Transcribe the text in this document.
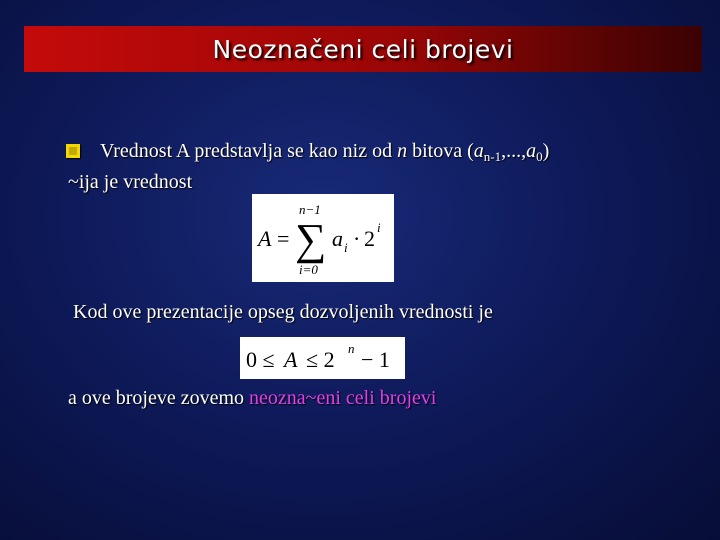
Neoznačeni celi brojevi
Vrednost A predstavlja se kao niz od n bitova $(a_{n-1},...,a_0)$
~ija je vrednost
A =
n−1
∑
i=0
a i · 2 i
Kod ove prezentacije opseg dozvoljenih vrednosti je
0 ≤ A ≤ 2 n − 1
a ove brojeve zovemo neozna~eni celi brojevi
